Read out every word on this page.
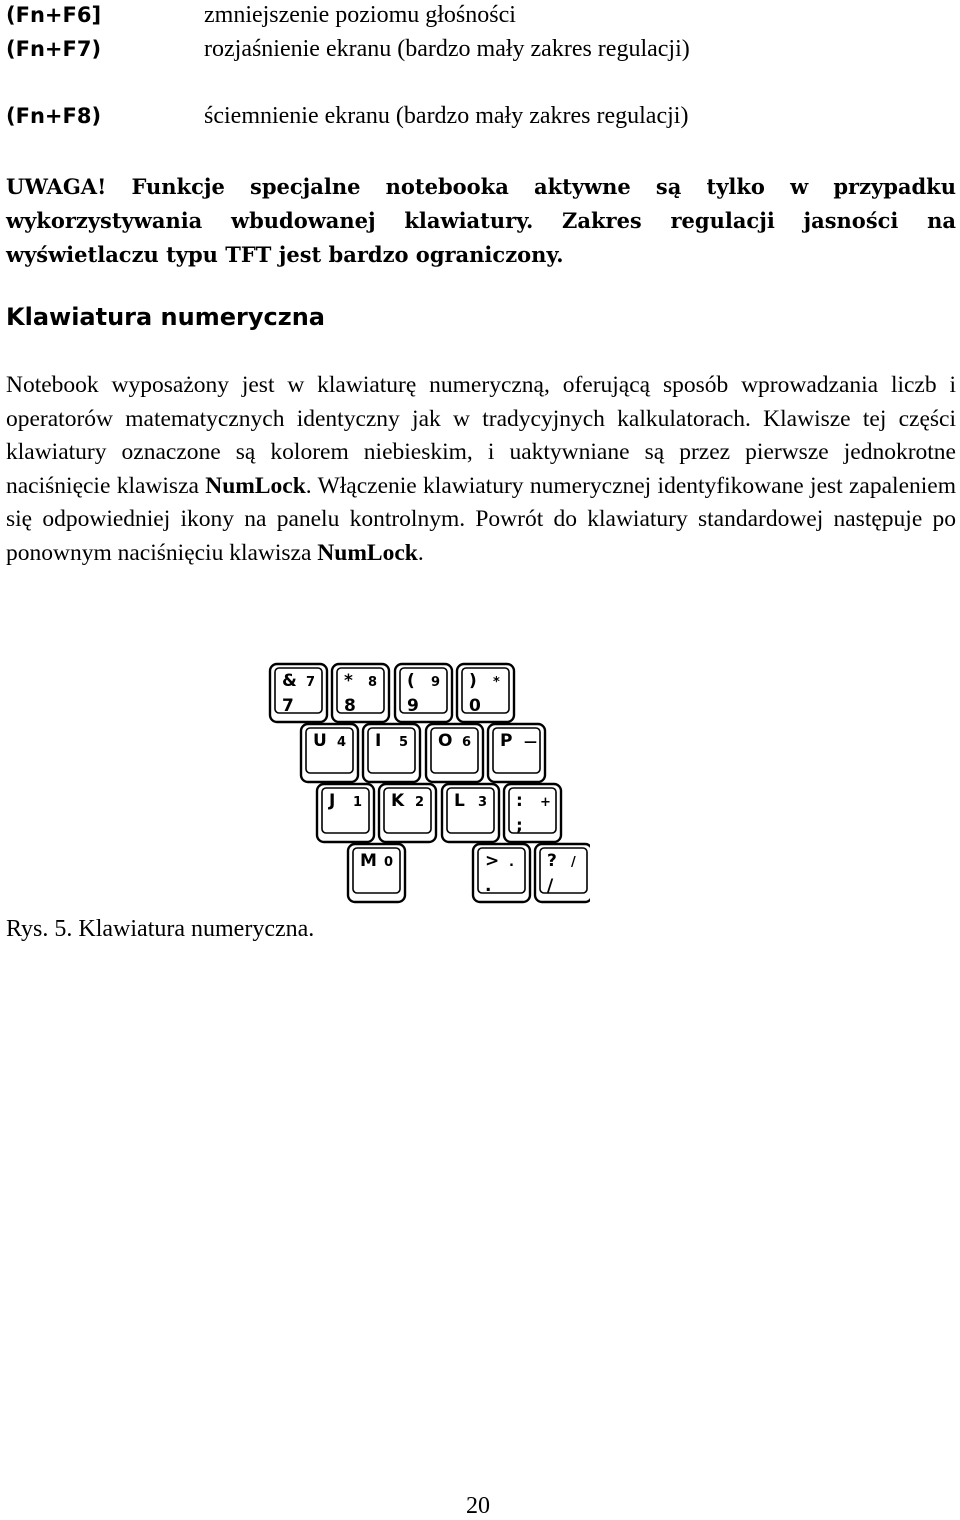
(Fn+F6]	zmniejszenie poziomu głośności
(Fn+F7)	rozjaśnienie ekranu (bardzo mały zakres regulacji)
(Fn+F8)	ściemnienie ekranu (bardzo mały zakres regulacji)
UWAGA! Funkcje specjalne notebooka aktywne są tylko w przypadku wykorzystywania wbudowanej klawiatury. Zakres regulacji jasności na wyświetlaczu typu TFT jest bardzo ograniczony.
Klawiatura numeryczna
Notebook wyposażony jest w klawiaturę numeryczną, oferującą sposób wprowadzania liczb i operatorów matematycznych identyczny jak w tradycyjnych kalkulatorach. Klawisze tej części klawiatury oznaczone są kolorem niebieskim, i uaktywniane są przez pierwsze jednokrotne naciśnięcie klawisza NumLock. Włączenie klawiatury numerycznej identyfikowane jest zapaleniem się odpowiedniej ikony na panelu kontrolnym. Powrót do klawiatury standardowej następuje po ponownym naciśnięciu klawisza NumLock.
& 7
7
* 8
8
( 9
9
) *
0
U 4 I 5 O 6 P —
J 1 K 2 L 3 : +
;
M 0	> .
.
? /
/
Rys. 5. Klawiatura numeryczna.
20
